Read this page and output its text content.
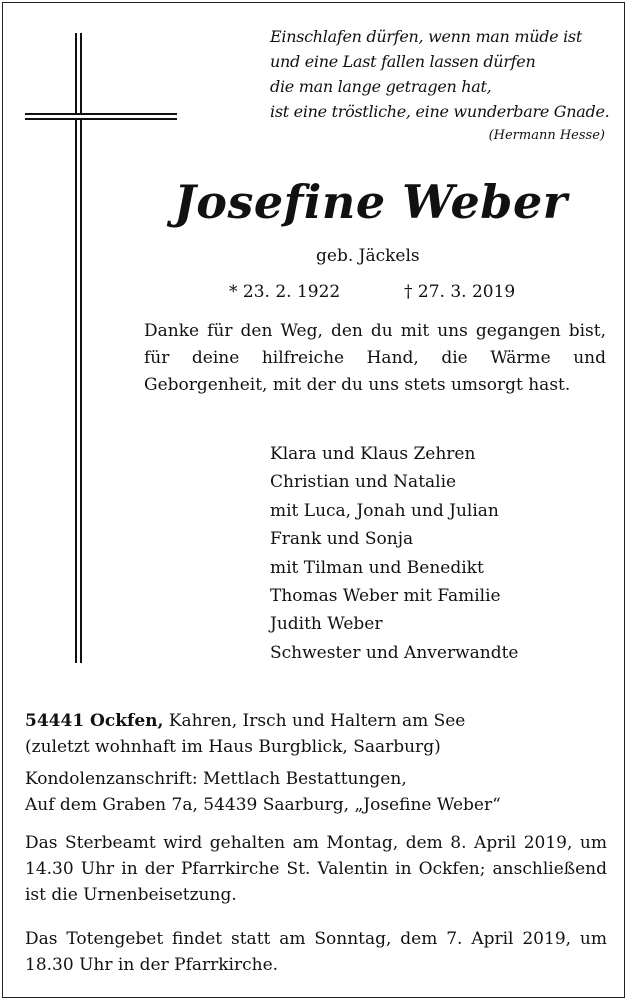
Einschlafen dürfen, wenn man müde ist
und eine Last fallen lassen dürfen
die man lange getragen hat,
ist eine tröstliche, eine wunderbare Gnade.
(Hermann Hesse)
Josefine Weber
geb. Jäckels
* 23. 2. 1922	† 27. 3. 2019
Danke für den Weg, den du mit uns gegangen bist, für deine hilfreiche Hand, die Wärme und Geborgenheit, mit der du uns stets umsorgt hast.
Klara und Klaus Zehren
Christian und Natalie
mit Luca, Jonah und Julian
Frank und Sonja
mit Tilman und Benedikt
Thomas Weber mit Familie
Judith Weber
Schwester und Anverwandte
54441 Ockfen, Kahren, Irsch und Haltern am See
(zuletzt wohnhaft im Haus Burgblick, Saarburg)
Kondolenzanschrift: Mettlach Bestattungen,
Auf dem Graben 7a, 54439 Saarburg, „Josefine Weber“
Das Sterbeamt wird gehalten am Montag, dem 8. April 2019, um 14.30 Uhr in der Pfarrkirche St. Valentin in Ockfen; anschließend ist die Urnenbeisetzung.
Das Totengebet findet statt am Sonntag, dem 7. April 2019, um 18.30 Uhr in der Pfarrkirche.
